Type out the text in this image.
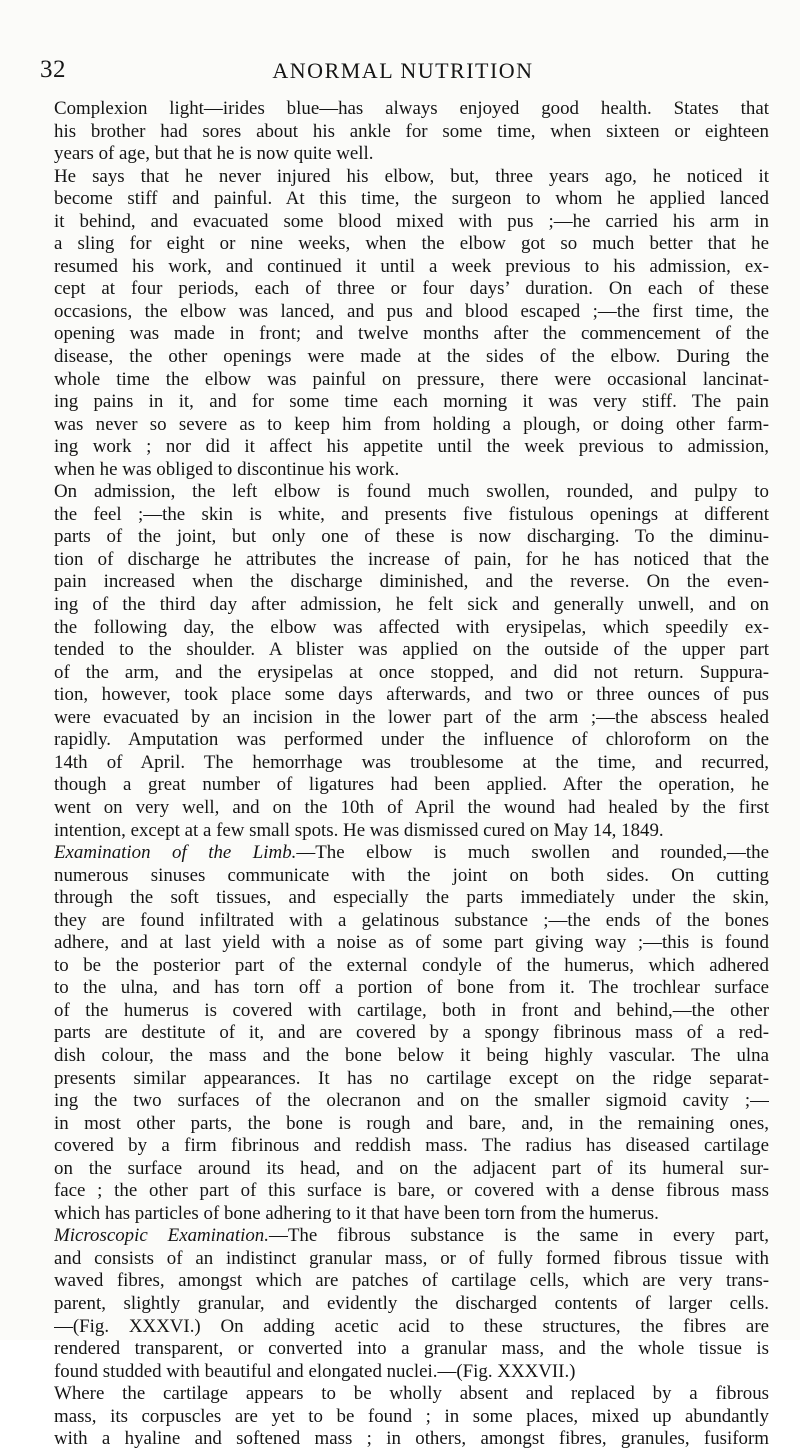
32	ANORMAL NUTRITION
Complexion light—irides blue—has always enjoyed good health. States that
his brother had sores about his ankle for some time, when sixteen or eighteen
years of age, but that he is now quite well.
He says that he never injured his elbow, but, three years ago, he noticed it
become stiff and painful. At this time, the surgeon to whom he applied lanced
it behind, and evacuated some blood mixed with pus ;—he carried his arm in
a sling for eight or nine weeks, when the elbow got so much better that he
resumed his work, and continued it until a week previous to his admission, ex-
cept at four periods, each of three or four days’ duration. On each of these
occasions, the elbow was lanced, and pus and blood escaped ;—the first time, the
opening was made in front; and twelve months after the commencement of the
disease, the other openings were made at the sides of the elbow. During the
whole time the elbow was painful on pressure, there were occasional lancinat-
ing pains in it, and for some time each morning it was very stiff. The pain
was never so severe as to keep him from holding a plough, or doing other farm-
ing work ; nor did it affect his appetite until the week previous to admission,
when he was obliged to discontinue his work.
On admission, the left elbow is found much swollen, rounded, and pulpy to
the feel ;—the skin is white, and presents five fistulous openings at different
parts of the joint, but only one of these is now discharging. To the diminu-
tion of discharge he attributes the increase of pain, for he has noticed that the
pain increased when the discharge diminished, and the reverse. On the even-
ing of the third day after admission, he felt sick and generally unwell, and on
the following day, the elbow was affected with erysipelas, which speedily ex-
tended to the shoulder. A blister was applied on the outside of the upper part
of the arm, and the erysipelas at once stopped, and did not return. Suppura-
tion, however, took place some days afterwards, and two or three ounces of pus
were evacuated by an incision in the lower part of the arm ;—the abscess healed
rapidly. Amputation was performed under the influence of chloroform on the
14th of April. The hemorrhage was troublesome at the time, and recurred,
though a great number of ligatures had been applied. After the operation, he
went on very well, and on the 10th of April the wound had healed by the first
intention, except at a few small spots. He was dismissed cured on May 14, 1849.
Examination of the Limb.—The elbow is much swollen and rounded,—the
numerous sinuses communicate with the joint on both sides. On cutting
through the soft tissues, and especially the parts immediately under the skin,
they are found infiltrated with a gelatinous substance ;—the ends of the bones
adhere, and at last yield with a noise as of some part giving way ;—this is found
to be the posterior part of the external condyle of the humerus, which adhered
to the ulna, and has torn off a portion of bone from it. The trochlear surface
of the humerus is covered with cartilage, both in front and behind,—the other
parts are destitute of it, and are covered by a spongy fibrinous mass of a red-
dish colour, the mass and the bone below it being highly vascular. The ulna
presents similar appearances. It has no cartilage except on the ridge separat-
ing the two surfaces of the olecranon and on the smaller sigmoid cavity ;—
in most other parts, the bone is rough and bare, and, in the remaining ones,
covered by a firm fibrinous and reddish mass. The radius has diseased cartilage
on the surface around its head, and on the adjacent part of its humeral sur-
face ; the other part of this surface is bare, or covered with a dense fibrous mass
which has particles of bone adhering to it that have been torn from the humerus.
Microscopic Examination.—The fibrous substance is the same in every part,
and consists of an indistinct granular mass, or of fully formed fibrous tissue with
waved fibres, amongst which are patches of cartilage cells, which are very trans-
parent, slightly granular, and evidently the discharged contents of larger cells.
—(Fig. XXXVI.) On adding acetic acid to these structures, the fibres are
rendered transparent, or converted into a granular mass, and the whole tissue is
found studded with beautiful and elongated nuclei.—(Fig. XXXVII.)
Where the cartilage appears to be wholly absent and replaced by a fibrous
mass, its corpuscles are yet to be found ; in some places, mixed up abundantly
with a hyaline and softened mass ; in others, amongst fibres, granules, fusiform
